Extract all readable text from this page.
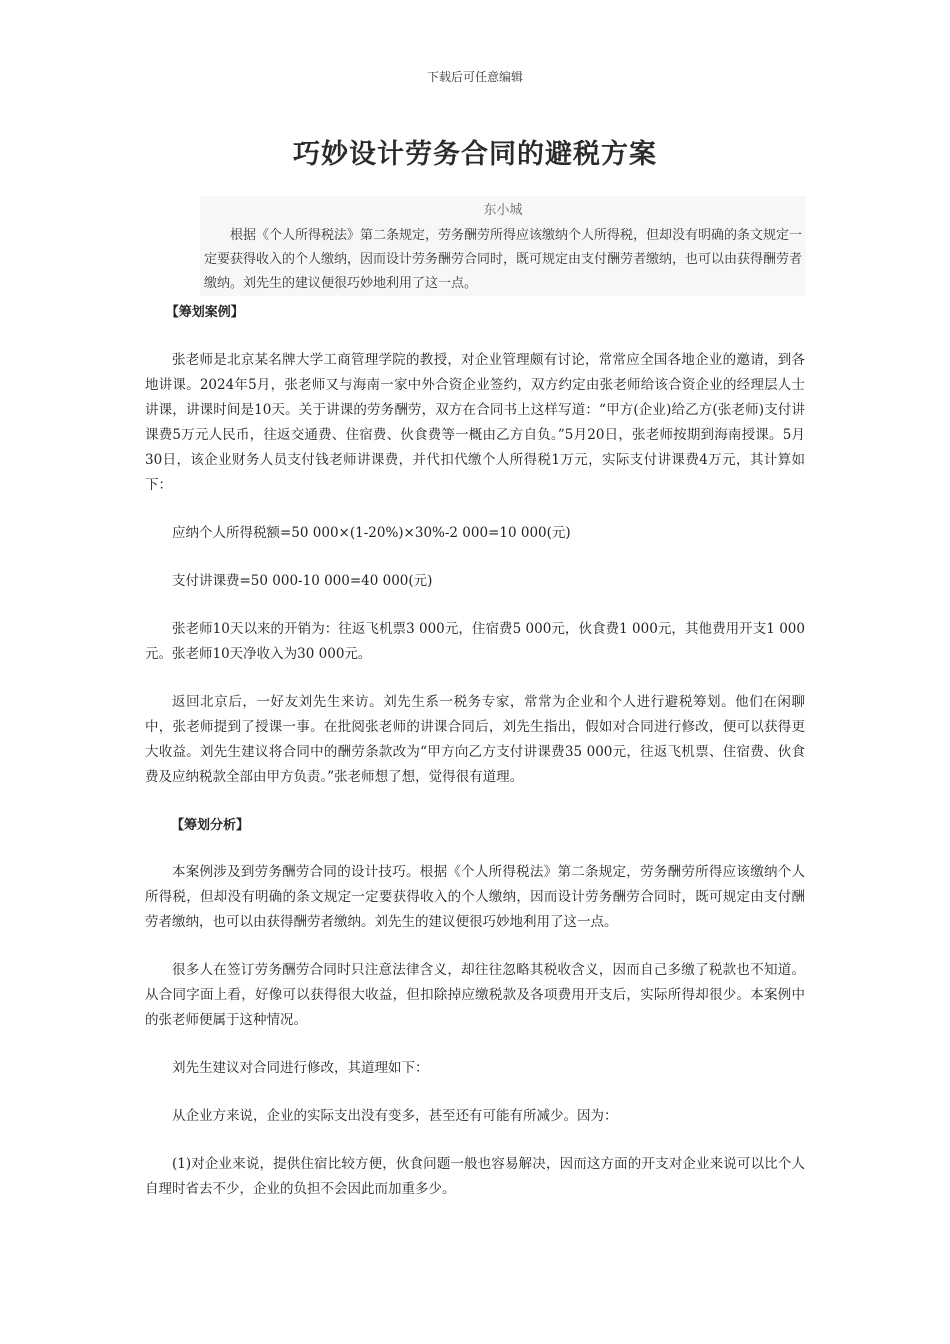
下载后可任意编辑
巧妙设计劳务合同的避税方案
东小城

根据《个人所得税法》第二条规定，劳务酬劳所得应该缴纳个人所得税，但却没有明确的条文规定一定要获得收入的个人缴纳，因而设计劳务酬劳合同时，既可规定由支付酬劳者缴纳，也可以由获得酬劳者缴纳。刘先生的建议便很巧妙地利用了这一点。

【筹划案例】

张老师是北京某名牌大学工商管理学院的教授，对企业管理颇有讨论，常常应全国各地企业的邀请，到各地讲课。2024年5月，张老师又与海南一家中外合资企业签约，双方约定由张老师给该合资企业的经理层人士讲课，讲课时间是10天。关于讲课的劳务酬劳，双方在合同书上这样写道：“甲方(企业)给乙方(张老师)支付讲课费5万元人民币，往返交通费、住宿费、伙食费等一概由乙方自负。”5月20日，张老师按期到海南授课。5月30日，该企业财务人员支付钱老师讲课费，并代扣代缴个人所得税1万元，实际支付讲课费4万元，其计算如下：

应纳个人所得税额=50 000×(1-20%)×30%-2 000=10 000(元)

支付讲课费=50 000-10 000=40 000(元)

张老师10天以来的开销为：往返飞机票3 000元，住宿费5 000元，伙食费1 000元，其他费用开支1 000元。张老师10天净收入为30 000元。

返回北京后，一好友刘先生来访。刘先生系一税务专家，常常为企业和个人进行避税筹划。他们在闲聊中，张老师提到了授课一事。在批阅张老师的讲课合同后，刘先生指出，假如对合同进行修改，便可以获得更大收益。刘先生建议将合同中的酬劳条款改为“甲方向乙方支付讲课费35 000元，往返飞机票、住宿费、伙食费及应纳税款全部由甲方负责。”张老师想了想，觉得很有道理。

【筹划分析】

本案例涉及到劳务酬劳合同的设计技巧。根据《个人所得税法》第二条规定，劳务酬劳所得应该缴纳个人所得税，但却没有明确的条文规定一定要获得收入的个人缴纳，因而设计劳务酬劳合同时，既可规定由支付酬劳者缴纳，也可以由获得酬劳者缴纳。刘先生的建议便很巧妙地利用了这一点。

很多人在签订劳务酬劳合同时只注意法律含义，却往往忽略其税收含义，因而自己多缴了税款也不知道。从合同字面上看，好像可以获得很大收益，但扣除掉应缴税款及各项费用开支后，实际所得却很少。本案例中的张老师便属于这种情况。

刘先生建议对合同进行修改，其道理如下：

从企业方来说，企业的实际支出没有变多，甚至还有可能有所减少。因为：

(1)对企业来说，提供住宿比较方便，伙食问题一般也容易解决，因而这方面的开支对企业来说可以比个人自理时省去不少，企业的负担不会因此而加重多少。
